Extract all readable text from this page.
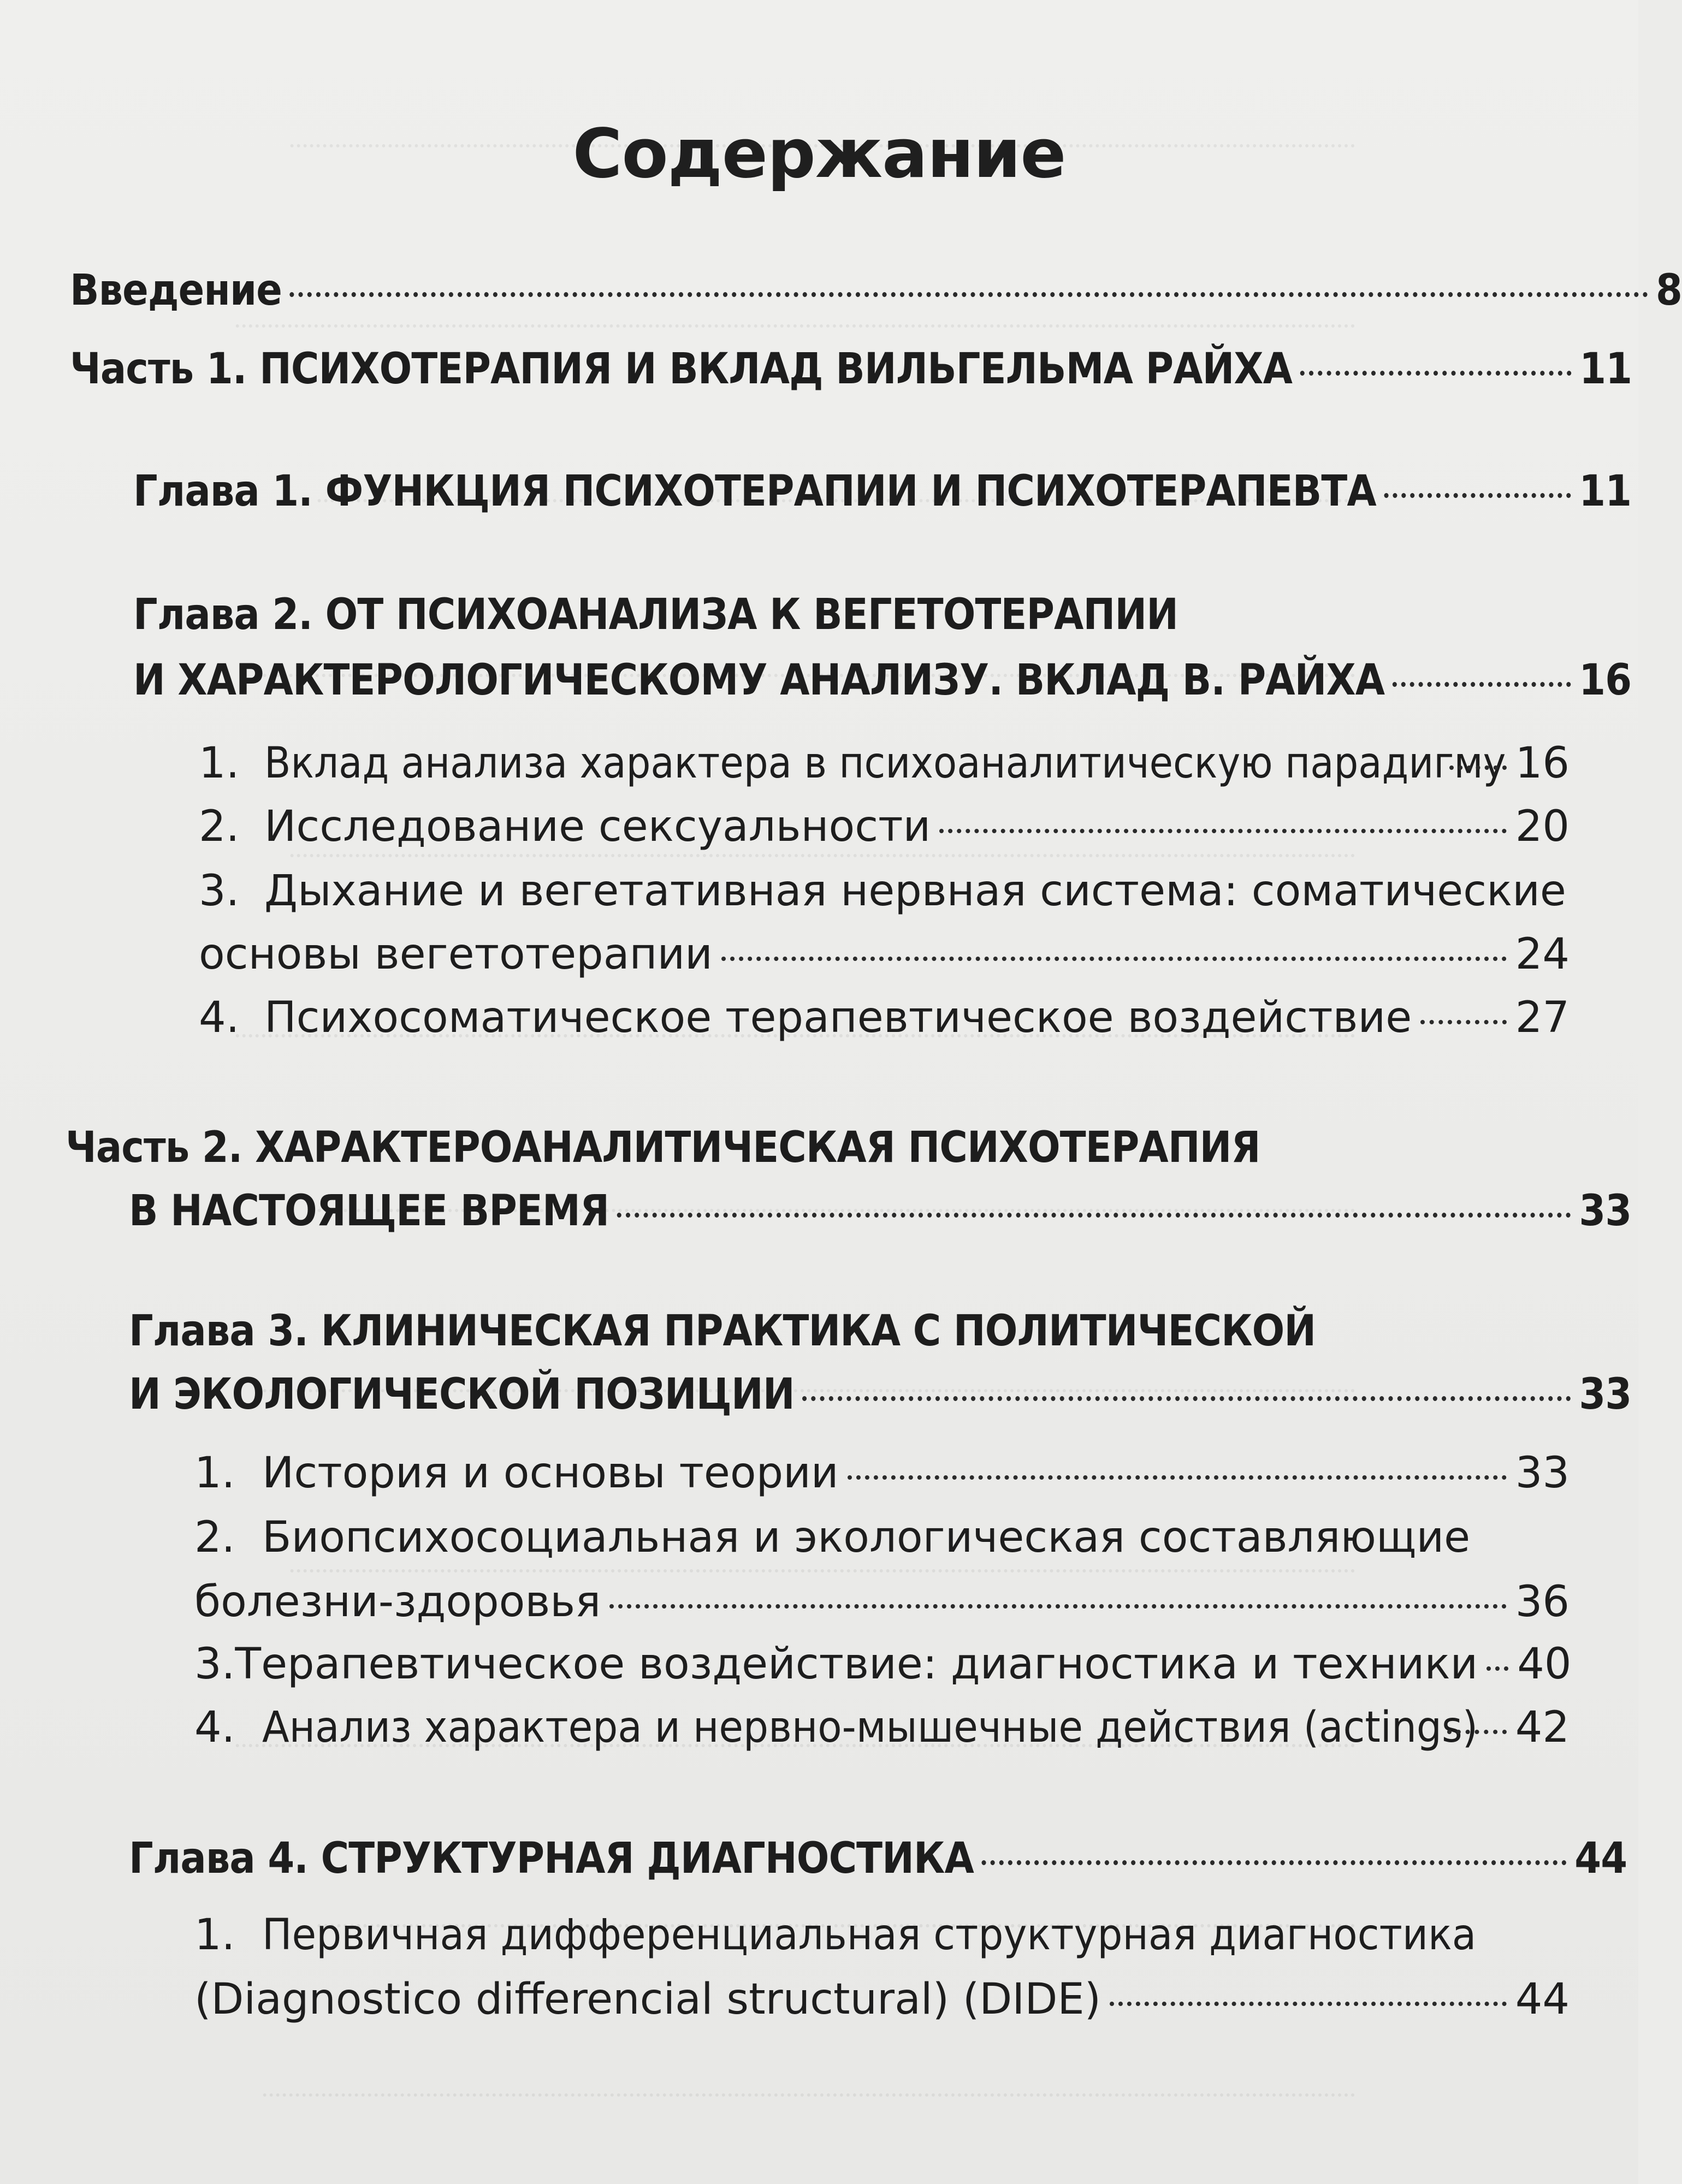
Содержание
Введение	8
Часть 1. ПСИХОТЕРАПИЯ И ВКЛАД ВИЛЬГЕЛЬМА РАЙХА	11
Глава 1. ФУНКЦИЯ ПСИХОТЕРАПИИ И ПСИХОТЕРАПЕВТА	11
Глава 2. ОТ ПСИХОАНАЛИЗА К ВЕГЕТОТЕРАПИИ
И ХАРАКТЕРОЛОГИЧЕСКОМУ АНАЛИЗУ. ВКЛАД В. РАЙХА	16
1. Вклад анализа характера в психоаналитическую парадигму 16
2. Исследование сексуальности	20
3. Дыхание и вегетативная нервная система: соматические
основы вегетотерапии	24
4. Психосоматическое терапевтическое воздействие 27
Часть 2. ХАРАКТЕРОАНАЛИТИЧЕСКАЯ ПСИХОТЕРАПИЯ
В НАСТОЯЩЕЕ ВРЕМЯ	33
Глава 3. КЛИНИЧЕСКАЯ ПРАКТИКА С ПОЛИТИЧЕСКОЙ
И ЭКОЛОГИЧЕСКОЙ ПОЗИЦИИ	33
1. История и основы теории	33
2. Биопсихосоциальная и экологическая составляющие
болезни-здоровья	36
3. Терапевтическое воздействие: диагностика и техники 40
4. Анализ характера и нервно-мышечные действия (actings) 42
Глава 4. СТРУКТУРНАЯ ДИАГНОСТИКА	44
1. Первичная дифференциальная структурная диагностика
(Diagnostico differencial structural) (DIDE)	44
